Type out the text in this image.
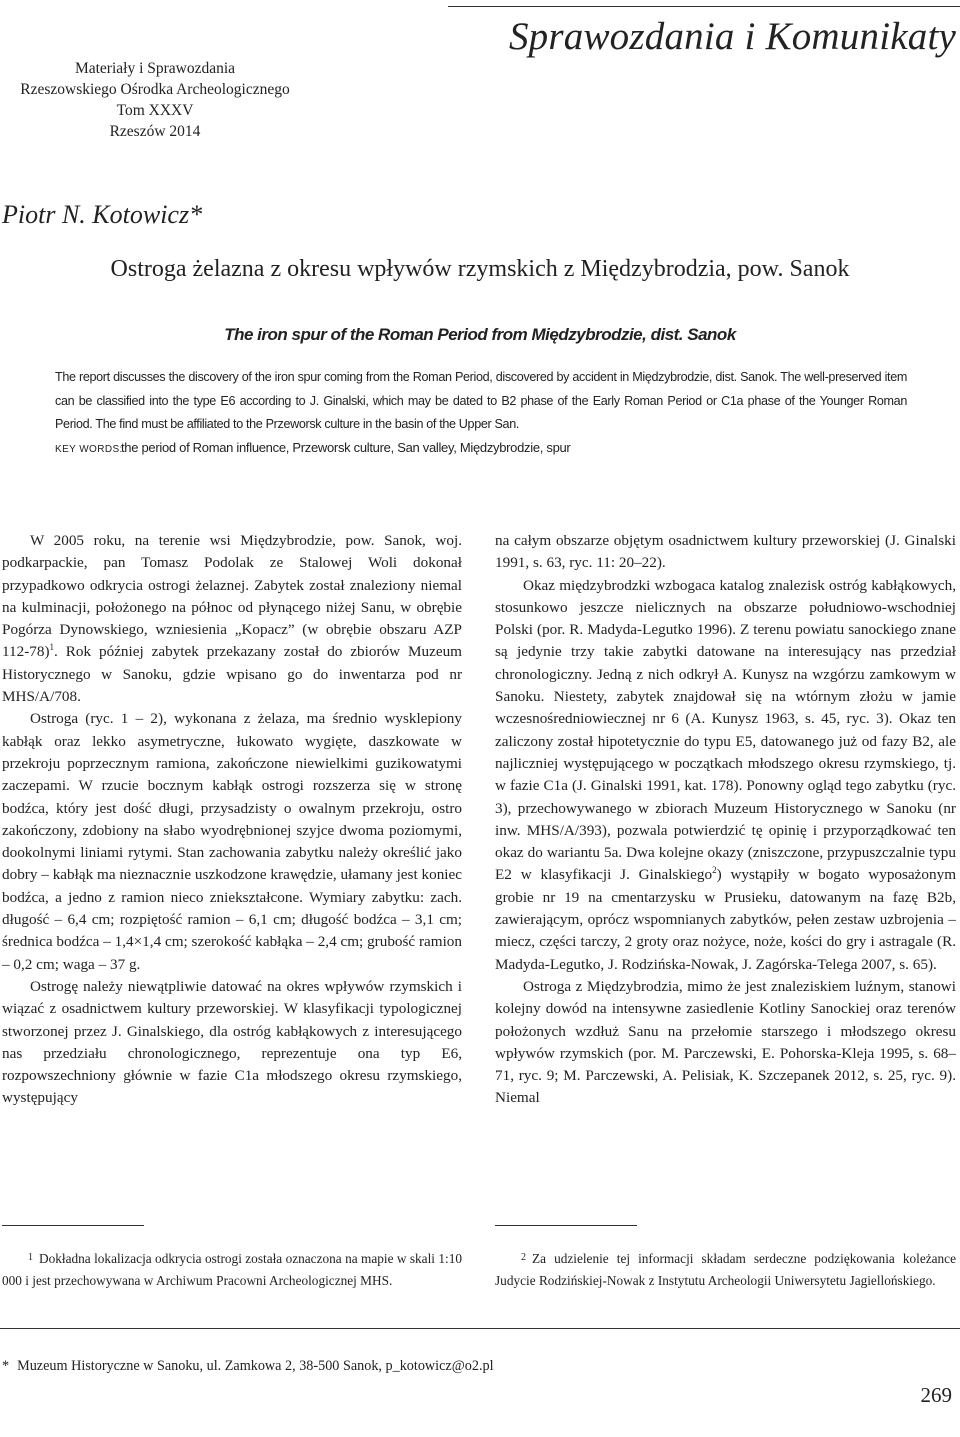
Sprawozdania i Komunikaty
Materiały i Sprawozdania
Rzeszowskiego Ośrodka Archeologicznego
Tom XXXV
Rzeszów 2014
Piotr N. Kotowicz*
Ostroga żelazna z okresu wpływów rzymskich z Międzybrodzia, pow. Sanok
The iron spur of the Roman Period from Międzybrodzie, dist. Sanok
The report discusses the discovery of the iron spur coming from the Roman Period, discovered by accident in Międzybrodzie, dist. Sanok. The well-preserved item can be classified into the type E6 according to J. Ginalski, which may be dated to B2 phase of the Early Roman Period or C1a phase of the Younger Roman Period. The find must be affiliated to the Przeworsk culture in the basin of the Upper San.
KEY WORDS:the period of Roman influence, Przeworsk culture, San valley, Międzybrodzie, spur

W 2005 roku, na terenie wsi Międzybrodzie, pow. Sanok, woj. podkarpackie, pan Tomasz Podolak ze Stalowej Woli dokonał przypadkowo odkrycia ostrogi żelaznej. Zabytek został znaleziony niemal na kulminacji, położonego na północ od płynącego niżej Sanu, w obrębie Pogórza Dynowskiego, wzniesienia „Kopacz” (w obrębie obszaru AZP 112-78)$^1$. Rok później zabytek przekazany został do zbiorów Muzeum Historycznego w Sanoku, gdzie wpisano go do inwentarza pod nr MHS/A/708.

Ostroga (ryc. 1 – 2), wykonana z żelaza, ma średnio wysklepiony kabłąk oraz lekko asymetryczne, łukowato wygięte, daszkowate w przekroju poprzecznym ramiona, zakończone niewielkimi guzikowatymi zaczepami. W rzucie bocznym kabłąk ostrogi rozszerza się w stronę bodźca, który jest dość długi, przysadzisty o owalnym przekroju, ostro zakończony, zdobiony na słabo wyodrębnionej szyjce dwoma poziomymi, dookolnymi liniami rytymi. Stan zachowania zabytku należy określić jako dobry – kabłąk ma nieznacznie uszkodzone krawędzie, ułamany jest koniec bodźca, a jedno z ramion nieco zniekształcone. Wymiary zabytku: zach. długość – 6,4 cm; rozpiętość ramion – 6,1 cm; długość bodźca – 3,1 cm; średnica bodźca – 1,4×1,4 cm; szerokość kabłąka – 2,4 cm; grubość ramion – 0,2 cm; waga – 37 g.

Ostrogę należy niewątpliwie datować na okres wpływów rzymskich i wiązać z osadnictwem kultury przeworskiej. W klasyfikacji typologicznej stworzonej przez J. Ginalskiego, dla ostróg kabłąkowych z interesującego nas przedziału chronologicznego, reprezentuje ona typ E6, rozpowszechniony głównie w fazie C1a młodszego okresu rzymskiego, występujący

na całym obszarze objętym osadnictwem kultury przeworskiej (J. Ginalski 1991, s. 63, ryc. 11: 20–22).

Okaz międzybrodzki wzbogaca katalog znalezisk ostróg kabłąkowych, stosunkowo jeszcze nielicznych na obszarze południowo-wschodniej Polski (por. R. Madyda-Legutko 1996). Z terenu powiatu sanockiego znane są jedynie trzy takie zabytki datowane na interesujący nas przedział chronologiczny. Jedną z nich odkrył A. Kunysz na wzgórzu zamkowym w Sanoku. Niestety, zabytek znajdował się na wtórnym złożu w jamie wczesnośredniowiecznej nr 6 (A. Kunysz 1963, s. 45, ryc. 3). Okaz ten zaliczony został hipotetycznie do typu E5, datowanego już od fazy B2, ale najliczniej występującego w początkach młodszego okresu rzymskiego, tj. w fazie C1a (J. Ginalski 1991, kat. 178). Ponowny ogląd tego zabytku (ryc. 3), przechowywanego w zbiorach Muzeum Historycznego w Sanoku (nr inw. MHS/A/393), pozwala potwierdzić tę opinię i przyporządkować ten okaz do wariantu 5a. Dwa kolejne okazy (zniszczone, przypuszczalnie typu E2 w klasyfikacji J. Ginalskiego$^2$) wystąpiły w bogato wyposażonym grobie nr 19 na cmentarzysku w Prusieku, datowanym na fazę B2b, zawierającym, oprócz wspomnianych zabytków, pełen zestaw uzbrojenia – miecz, części tarczy, 2 groty oraz nożyce, noże, kości do gry i astragale (R. Madyda-Legutko, J. Rodzińska-Nowak, J. Zagórska-Telega 2007, s. 65).

Ostroga z Międzybrodzia, mimo że jest znaleziskiem luźnym, stanowi kolejny dowód na intensywne zasiedlenie Kotliny Sanockiej oraz terenów położonych wzdłuż Sanu na przełomie starszego i młodszego okresu wpływów rzymskich (por. M. Parczewski, E. Pohorska-Kleja 1995, s. 68–71, ryc. 9; M. Parczewski, A. Pelisiak, K. Szczepanek 2012, s. 25, ryc. 9). Niemal

$^1$ Dokładna lokalizacja odkrycia ostrogi została oznaczona na mapie w skali 1:10 000 i jest przechowywana w Archiwum Pracowni Archeologicznej MHS.
$^2$ Za udzielenie tej informacji składam serdeczne podziękowania koleżance Judycie Rodzińskiej-Nowak z Instytutu Archeologii Uniwersytetu Jagiellońskiego.
* Muzeum Historyczne w Sanoku, ul. Zamkowa 2, 38-500 Sanok, p_kotowicz@o2.pl
269
